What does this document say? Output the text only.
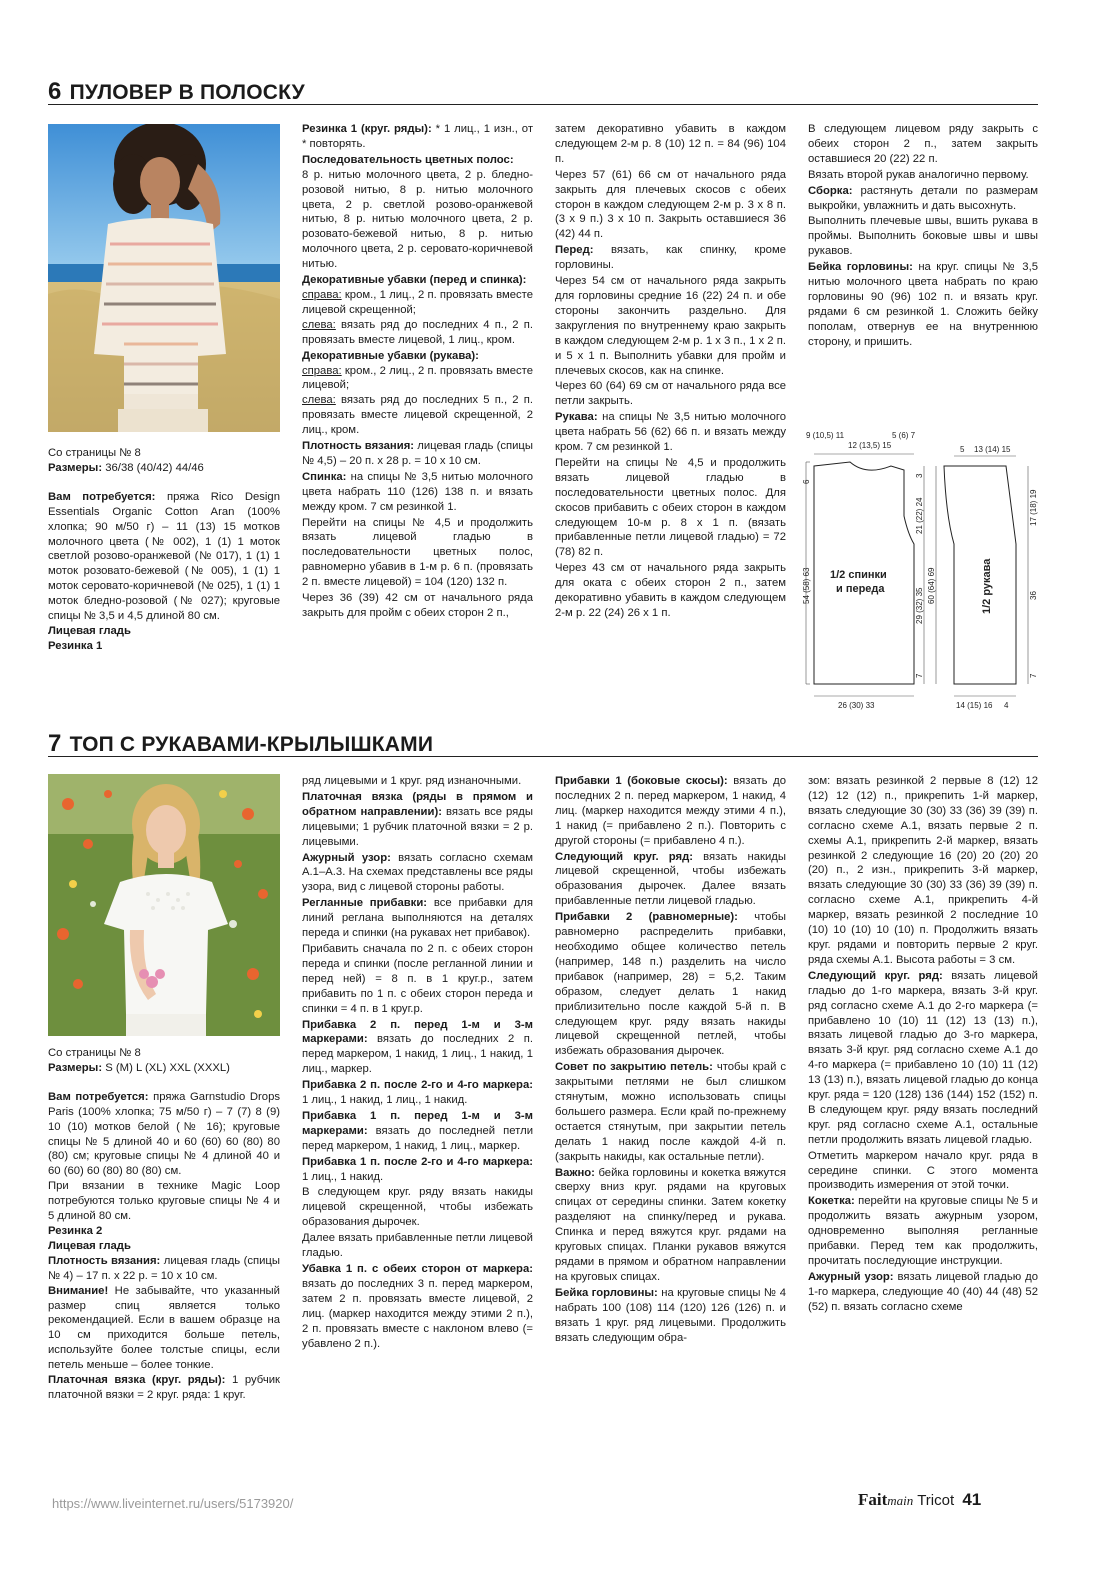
6 ПУЛОВЕР В ПОЛОСКУ

Со страницы № 8

Размеры: 36/38 (40/42) 44/46

Вам потребуется: пряжа Rico Design Essentials Organic Cotton Aran (100% хлопка; 90 м/50 г) – 11 (13) 15 мотков молочного цвета (№ 002), 1 (1) 1 моток светлой розово-оранжевой (№ 017), 1 (1) 1 моток розовато-бежевой (№ 005), 1 (1) 1 моток серовато-коричневой (№ 025), 1 (1) 1 моток бледно-розовой (№ 027); круговые спицы № 3,5 и 4,5 длиной 80 см.

Лицевая гладь

Резинка 1

Резинка 1 (круг. ряды): * 1 лиц., 1 изн., от * повторять.

Последовательность цветных полос:
8 р. нитью молочного цвета, 2 р. бледно-розовой нитью, 8 р. нитью молочного цвета, 2 р. светлой розово-оранжевой нитью, 8 р. нитью молочного цвета, 2 р. розовато-бежевой нитью, 8 р. нитью молочного цвета, 2 р. серовато-коричневой нитью.

Декоративные убавки (перед и спинка):
справа: кром., 1 лиц., 2 п. провязать вместе лицевой скрещенной;
слева: вязать ряд до последних 4 п., 2 п. провязать вместе лицевой, 1 лиц., кром.

Декоративные убавки (рукава):
справа: кром., 2 лиц., 2 п. провязать вместе лицевой;
слева: вязать ряд до последних 5 п., 2 п. провязать вместе лицевой скрещенной, 2 лиц., кром.

Плотность вязания: лицевая гладь (спицы № 4,5) – 20 п. х 28 р. = 10 х 10 см.

Спинка: на спицы № 3,5 нитью молочного цвета набрать 110 (126) 138 п. и вязать между кром. 7 см резинкой 1.

Перейти на спицы № 4,5 и продолжить вязать лицевой гладью в последовательности цветных полос, равномерно убавив в 1-м р. 6 п. (провязать 2 п. вместе лицевой) = 104 (120) 132 п.

Через 36 (39) 42 см от начального ряда закрыть для пройм с обеих сторон 2 п.,

затем декоративно убавить в каждом следующем 2-м р. 8 (10) 12 п. = 84 (96) 104 п.

Через 57 (61) 66 см от начального ряда закрыть для плечевых скосов с обеих сторон в каждом следующем 2-м р. 3 х 8 п. (3 х 9 п.) 3 х 10 п. Закрыть оставшиеся 36 (42) 44 п.

Перед: вязать, как спинку, кроме горловины.

Через 54 см от начального ряда закрыть для горловины средние 16 (22) 24 п. и обе стороны закончить раздельно. Для закругления по внутреннему краю закрыть в каждом следующем 2-м р. 1 х 3 п., 1 х 2 п. и 5 х 1 п. Выполнить убавки для пройм и плечевых скосов, как на спинке.

Через 60 (64) 69 см от начального ряда все петли закрыть.

Рукава: на спицы № 3,5 нитью молочного цвета набрать 56 (62) 66 п. и вязать между кром. 7 см резинкой 1.

Перейти на спицы № 4,5 и продолжить вязать лицевой гладью в последовательности цветных полос. Для скосов прибавить с обеих сторон в каждом следующем 10-м р. 8 х 1 п. (вязать прибавленные петли лицевой гладью) = 72 (78) 82 п.

Через 43 см от начального ряда закрыть для оката с обеих сторон 2 п., затем декоративно убавить в каждом следующем 2-м р. 22 (24) 26 х 1 п.

В следующем лицевом ряду закрыть с обеих сторон 2 п., затем закрыть оставшиеся 20 (22) 22 п.

Вязать второй рукав аналогично первому.

Сборка: растянуть детали по размерам выкройки, увлажнить и дать высохнуть.

Выполнить плечевые швы, вшить рукава в проймы. Выполнить боковые швы и швы рукавов.

Бейка горловины: на круг. спицы № 3,5 нитью молочного цвета набрать по краю горловины 90 (96) 102 п. и вязать круг. рядами 6 см резинкой 1. Сложить бейку пополам, отвернув ее на внутреннюю сторону, и пришить.

9 (10,5) 11	5 (6) 7
12 (13,5) 15
6
54 (58) 63
3
21 (22) 24
29 (32) 35
7
60 (64) 69
26 (30) 33
5 13 (14) 15
17 (18) 19
36
7
14 (15) 16 4
1/2 спинки
и переда	1/2 рукава
7 ТОП С РУКАВАМИ-КРЫЛЫШКАМИ

Со страницы № 8

Размеры: S (M) L (XL) XXL (XXXL)

Вам потребуется: пряжа Garnstudio Drops Paris (100% хлопка; 75 м/50 г) – 7 (7) 8 (9) 10 (10) мотков белой (№ 16); круговые спицы № 5 длиной 40 и 60 (60) 60 (80) 80 (80) см; круговые спицы № 4 длиной 40 и 60 (60) 60 (80) 80 (80) см.

При вязании в технике Magic Loop потребуются только круговые спицы № 4 и 5 длиной 80 см.

Резинка 2

Лицевая гладь

Плотность вязания: лицевая гладь (спицы № 4) – 17 п. х 22 р. = 10 х 10 см.

Внимание! Не забывайте, что указанный размер спиц является только рекомендацией. Если в вашем образце на 10 см приходится больше петель, используйте более толстые спицы, если петель меньше – более тонкие.

Платочная вязка (круг. ряды): 1 рубчик платочной вязки = 2 круг. ряда: 1 круг.

ряд лицевыми и 1 круг. ряд изнаночными.

Платочная вязка (ряды в прямом и обратном направлении): вязать все ряды лицевыми; 1 рубчик платочной вязки = 2 р. лицевыми.

Ажурный узор: вязать согласно схемам А.1–А.3. На схемах представлены все ряды узора, вид с лицевой стороны работы.

Регланные прибавки: все прибавки для линий реглана выполняются на деталях переда и спинки (на рукавах нет прибавок).

Прибавить сначала по 2 п. с обеих сторон переда и спинки (после регланной линии и перед ней) = 8 п. в 1 круг.р., затем прибавить по 1 п. с обеих сторон переда и спинки = 4 п. в 1 круг.р.

Прибавка 2 п. перед 1-м и 3-м маркерами: вязать до последних 2 п. перед маркером, 1 накид, 1 лиц., 1 накид, 1 лиц., маркер.

Прибавка 2 п. после 2-го и 4-го маркера: 1 лиц., 1 накид, 1 лиц., 1 накид.

Прибавка 1 п. перед 1-м и 3-м маркерами: вязать до последней петли перед маркером, 1 накид, 1 лиц., маркер.

Прибавка 1 п. после 2-го и 4-го маркера: 1 лиц., 1 накид.

В следующем круг. ряду вязать накиды лицевой скрещенной, чтобы избежать образования дырочек.

Далее вязать прибавленные петли лицевой гладью.

Убавка 1 п. с обеих сторон от маркера: вязать до последних 3 п. перед маркером, затем 2 п. провязать вместе лицевой, 2 лиц. (маркер находится между этими 2 п.), 2 п. провязать вместе с наклоном влево (= убавлено 2 п.).

Прибавки 1 (боковые скосы): вязать до последних 2 п. перед маркером, 1 накид, 4 лиц. (маркер находится между этими 4 п.), 1 накид (= прибавлено 2 п.). Повторить с другой стороны (= прибавлено 4 п.).

Следующий круг. ряд: вязать накиды лицевой скрещенной, чтобы избежать образования дырочек. Далее вязать прибавленные петли лицевой гладью.

Прибавки 2 (равномерные): чтобы равномерно распределить прибавки, необходимо общее количество петель (например, 148 п.) разделить на число прибавок (например, 28) = 5,2. Таким образом, следует делать 1 накид приблизительно после каждой 5-й п. В следующем круг. ряду вязать накиды лицевой скрещенной петлей, чтобы избежать образования дырочек.

Совет по закрытию петель: чтобы край с закрытыми петлями не был слишком стянутым, можно использовать спицы большего размера. Если край по-прежнему остается стянутым, при закрытии петель делать 1 накид после каждой 4-й п. (закрыть накиды, как остальные петли).

Важно: бейка горловины и кокетка вяжутся сверху вниз круг. рядами на круговых спицах от середины спинки. Затем кокетку разделяют на спинку/перед и рукава. Спинка и перед вяжутся круг. рядами на круговых спицах. Планки рукавов вяжутся рядами в прямом и обратном направлении на круговых спицах.

Бейка горловины: на круговые спицы № 4 набрать 100 (108) 114 (120) 126 (126) п. и вязать 1 круг. ряд лицевыми. Продолжить вязать следующим обра-

зом: вязать резинкой 2 первые 8 (12) 12 (12) 12 (12) п., прикрепить 1-й маркер, вязать следующие 30 (30) 33 (36) 39 (39) п. согласно схеме А.1, вязать первые 2 п. схемы А.1, прикрепить 2-й маркер, вязать резинкой 2 следующие 16 (20) 20 (20) 20 (20) п., 2 изн., прикрепить 3-й маркер, вязать следующие 30 (30) 33 (36) 39 (39) п. согласно схеме А.1, прикрепить 4-й маркер, вязать резинкой 2 последние 10 (10) 10 (10) 10 (10) п. Продолжить вязать круг. рядами и повторить первые 2 круг. ряда схемы А.1. Высота работы = 3 см.

Следующий круг. ряд: вязать лицевой гладью до 1-го маркера, вязать 3-й круг. ряд согласно схеме А.1 до 2-го маркера (= прибавлено 10 (10) 11 (12) 13 (13) п.), вязать лицевой гладью до 3-го маркера, вязать 3-й круг. ряд согласно схеме А.1 до 4-го маркера (= прибавлено 10 (10) 11 (12) 13 (13) п.), вязать лицевой гладью до конца круг. ряда = 120 (128) 136 (144) 152 (152) п. В следующем круг. ряду вязать последний круг. ряд согласно схеме А.1, остальные петли продолжить вязать лицевой гладью.

Отметить маркером начало круг. ряда в середине спинки. С этого момента производить измерения от этой точки.

Кокетка: перейти на круговые спицы № 5 и продолжить вязать ажурным узором, одновременно выполняя регланные прибавки. Перед тем как продолжить, прочитать последующие инструкции.

Ажурный узор: вязать лицевой гладью до 1-го маркера, следующие 40 (40) 44 (48) 52 (52) п. вязать согласно схеме

https://www.liveinternet.ru/users/5173920/	Faitmain Tricot 41
